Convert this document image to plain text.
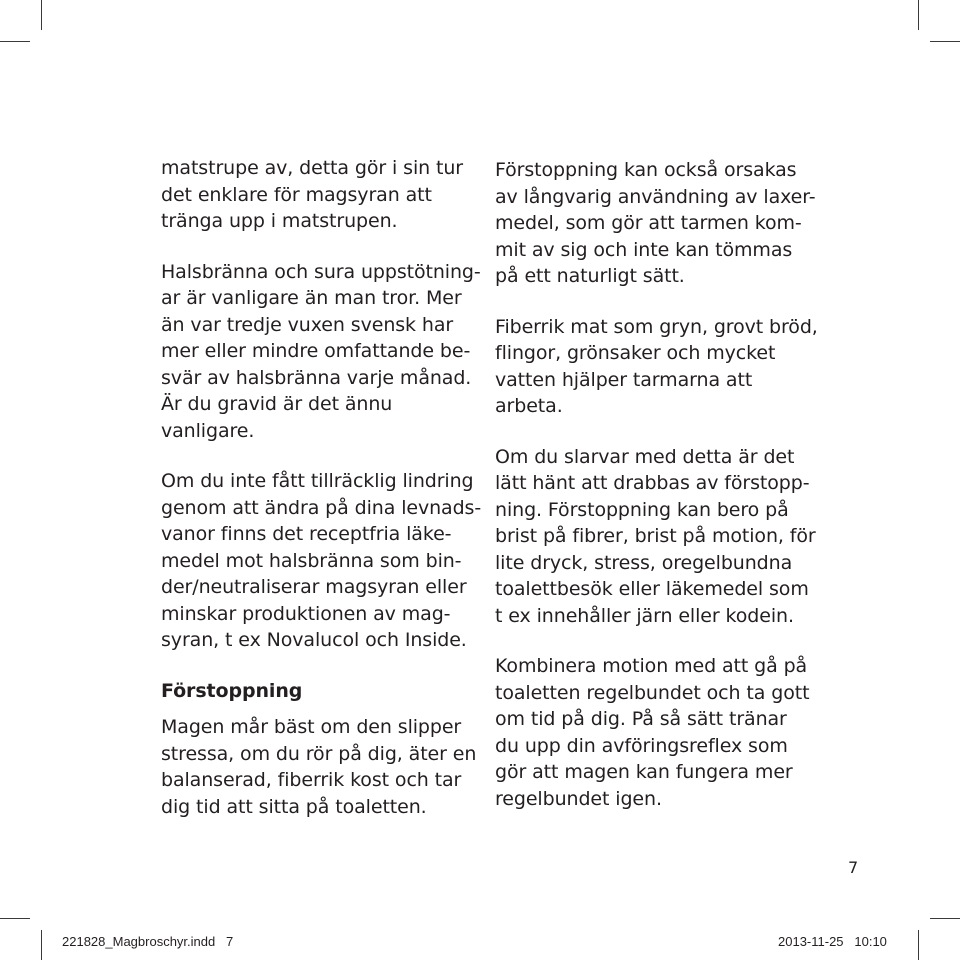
matstrupe av, detta gör i sin tur
det enklare för magsyran att
tränga upp i matstrupen.

Halsbränna och sura uppstötning-
ar är vanligare än man tror. Mer
än var tredje vuxen svensk har
mer eller mindre omfattande be-
svär av halsbränna varje månad.
Är du gravid är det ännu vanligare.

Om du inte fått tillräcklig lindring
genom att ändra på dina levnads-
vanor finns det receptfria läke-
medel mot halsbränna som bin-
der/neutraliserar magsyran eller
minskar produktionen av mag-
syran, t ex Novalucol och Inside.

Förstoppning

Magen mår bäst om den slipper
stressa, om du rör på dig, äter en
balanserad, fiberrik kost och tar
dig tid att sitta på toaletten.

Förstoppning kan också orsakas
av långvarig användning av laxer-
medel, som gör att tarmen kom-
mit av sig och inte kan tömmas
på ett naturligt sätt.

Fiberrik mat som gryn, grovt bröd,
flingor, grönsaker och mycket
vatten hjälper tarmarna att arbeta.

Om du slarvar med detta är det
lätt hänt att drabbas av förstopp-
ning. Förstoppning kan bero på
brist på fibrer, brist på motion, för
lite dryck, stress, oregelbundna
toalettbesök eller läkemedel som
t ex innehåller järn eller kodein.

Kombinera motion med att gå på
toaletten regelbundet och ta gott
om tid på dig. På så sätt tränar
du upp din avföringsreflex som
gör att magen kan fungera mer
regelbundet igen.

7
221828_Magbroschyr.indd   7	2013-11-25   10:10
